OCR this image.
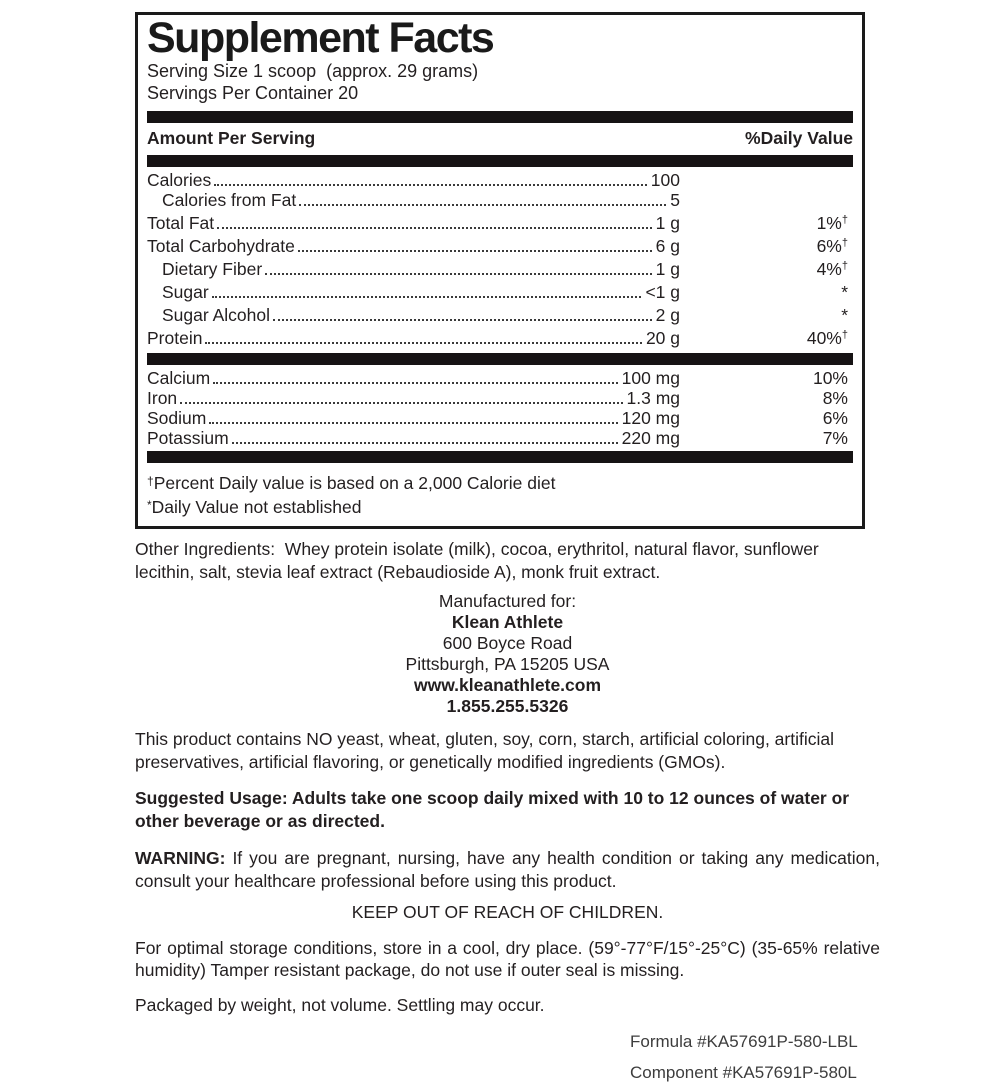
Supplement Facts
Serving Size 1 scoop  (approx. 29 grams)
Servings Per Container 20
Amount Per Serving	%Daily Value
Calories	100
Calories from Fat	5
Total Fat	1 g	1%†
Total Carbohydrate	6 g	6%†
Dietary Fiber	1 g	4%†
Sugar	<1 g	*
Sugar Alcohol	2 g	*
Protein	20 g	40%†
Calcium	100 mg	10%
Iron	1.3 mg	8%
Sodium	120 mg	6%
Potassium	220 mg	7%
†Percent Daily value is based on a 2,000 Calorie diet
*Daily Value not established

Other Ingredients:  Whey protein isolate (milk), cocoa, erythritol, natural flavor, sunflower lecithin, salt, stevia leaf extract (Rebaudioside A), monk fruit extract.

Manufactured for:
Klean Athlete
600 Boyce Road
Pittsburgh, PA 15205 USA
www.kleanathlete.com
1.855.255.5326

This product contains NO yeast, wheat, gluten, soy, corn, starch, artificial coloring, artificial preservatives, artificial flavoring, or genetically modified ingredients (GMOs).

Suggested Usage: Adults take one scoop daily mixed with 10 to 12 ounces of water or other beverage or as directed.

WARNING: If you are pregnant, nursing, have any health condition or taking any medication, consult your healthcare professional before using this product.

KEEP OUT OF REACH OF CHILDREN.

For optimal storage conditions, store in a cool, dry place. (59°-77°F/15°-25°C) (35-65% relative humidity) Tamper resistant package, do not use if outer seal is missing.

Packaged by weight, not volume. Settling may occur.

Formula #KA57691P-580-LBL
Component #KA57691P-580L
